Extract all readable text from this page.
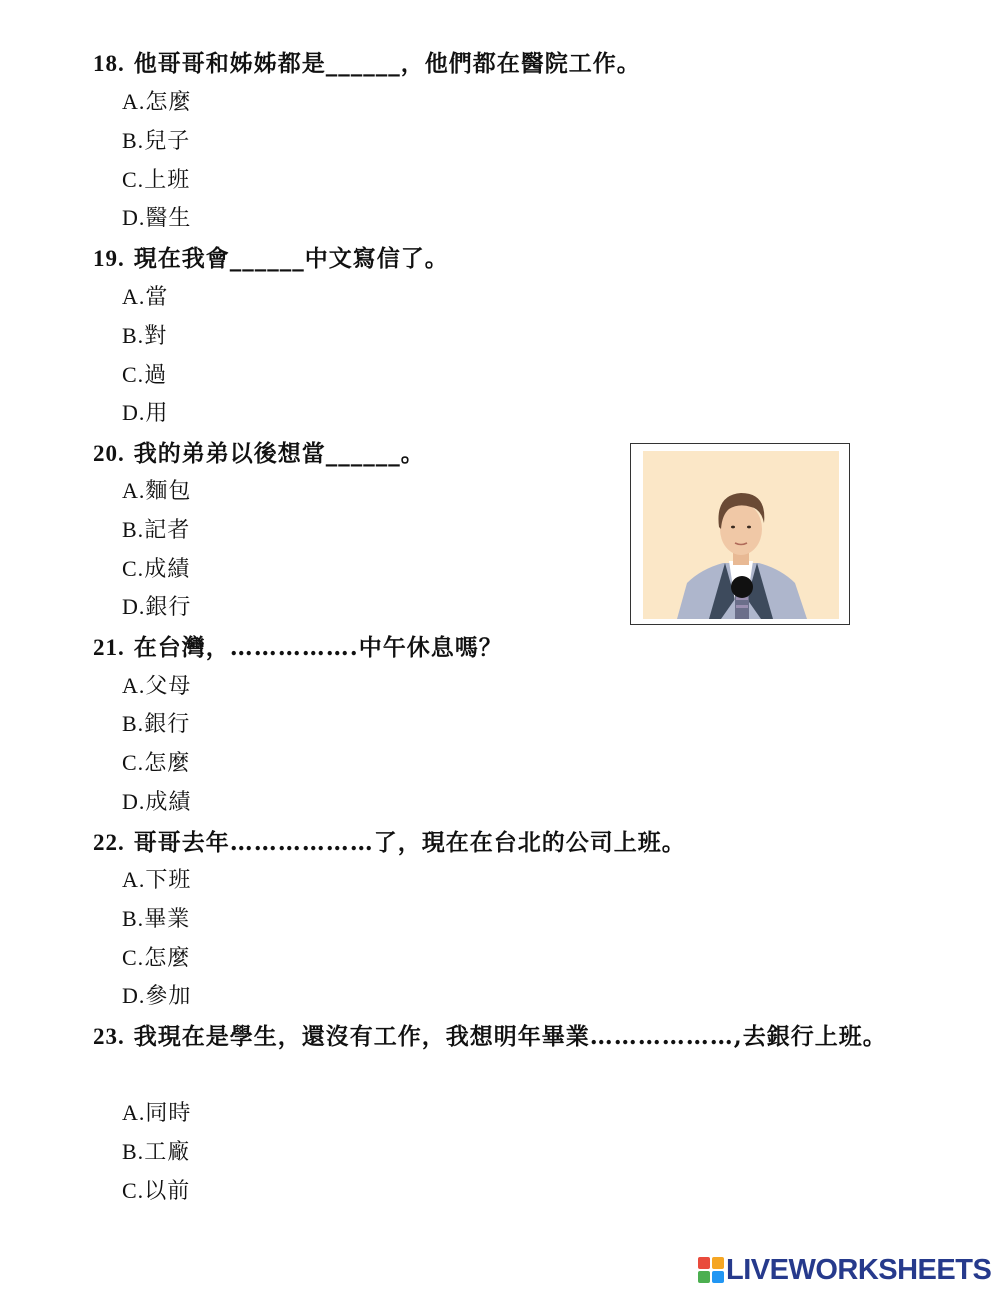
18. 他哥哥和姊姊都是______，他們都在醫院工作。
A.怎麼
B.兒子
C.上班
D.醫生
19. 現在我會______中文寫信了。
A.當
B.對
C.過
D.用
20. 我的弟弟以後想當______。
A.麵包
B.記者
C.成績
D.銀行
21. 在台灣，…………….中午休息嗎？
A.父母
B.銀行
C.怎麼
D.成績
22. 哥哥去年………………了，現在在台北的公司上班。
A.下班
B.畢業
C.怎麼
D.參加
23. 我現在是學生，還沒有工作，我想明年畢業………………,去銀行上班。
A.同時
B.工廠
C.以前
LIVEWORKSHEETS
